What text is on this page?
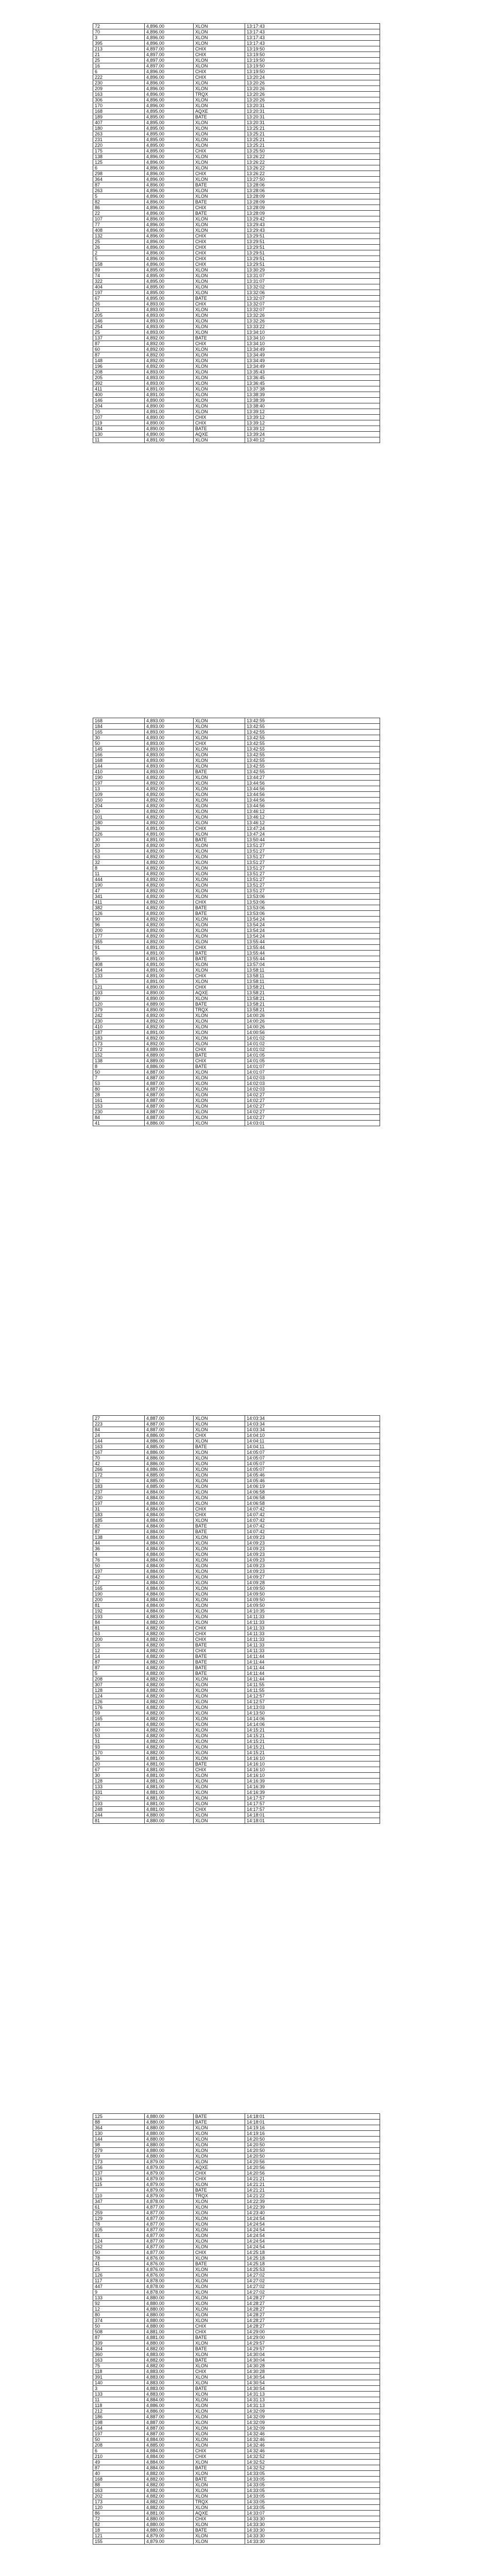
72	4,896.00	XLON	13:17:43
70	4,896.00	XLON	13:17:43
3	4,896.00	XLON	13:17:43
395	4,896.00	XLON	13:17:43
213	4,897.00	CHIX	13:19:50
21	4,897.00	CHIX	13:19:50
25	4,897.00	XLON	13:19:50
16	4,897.00	XLON	13:19:50
6	4,896.00	CHIX	13:19:50
222	4,896.00	CHIX	13:20:24
230	4,896.00	XLON	13:20:26
209	4,896.00	XLON	13:20:26
163	4,896.00	TRQX	13:20:26
306	4,896.00	XLON	13:20:26
170	4,896.00	XLON	13:20:31
168	4,895.00	AQXE	13:20:31
189	4,895.00	BATE	13:20:31
407	4,895.00	XLON	13:20:31
180	4,895.00	XLON	13:25:21
263	4,895.00	XLON	13:25:21
231	4,895.00	XLON	13:25:21
220	4,895.00	XLON	13:25:21
175	4,895.00	CHIX	13:25:50
138	4,896.00	XLON	13:26:22
125	4,896.00	XLON	13:26:22
6	4,896.00	XLON	13:26:22
298	4,896.00	CHIX	13:26:22
364	4,896.00	XLON	13:27:50
87	4,896.00	BATE	13:28:06
263	4,896.00	XLON	13:28:06
5	4,896.00	XLON	13:28:09
82	4,896.00	BATE	13:28:09
86	4,896.00	CHIX	13:28:09
22	4,896.00	BATE	13:28:09
107	4,896.00	XLON	13:29:42
77	4,896.00	XLON	13:29:43
408	4,896.00	XLON	13:29:43
132	4,896.00	CHIX	13:29:51
25	4,896.00	CHIX	13:29:51
26	4,896.00	CHIX	13:29:51
2	4,896.00	CHIX	13:29:51
5	4,896.00	CHIX	13:29:51
158	4,896.00	CHIX	13:29:51
89	4,895.00	XLON	13:30:29
74	4,895.00	XLON	13:31:07
322	4,895.00	XLON	13:31:07
404	4,895.00	XLON	13:32:02
197	4,895.00	XLON	13:32:06
67	4,895.00	BATE	13:32:07
26	4,893.00	CHIX	13:32:07
21	4,893.00	XLON	13:32:07
205	4,893.00	XLON	13:32:26
146	4,893.00	XLON	13:32:26
254	4,893.00	XLON	13:33:22
25	4,893.00	XLON	13:34:10
137	4,892.00	BATE	13:34:10
87	4,892.00	CHIX	13:34:10
60	4,892.00	XLON	13:34:49
87	4,892.00	XLON	13:34:49
148	4,892.00	XLON	13:34:49
196	4,892.00	XLON	13:34:49
208	4,893.00	XLON	13:35:43
205	4,893.00	XLON	13:36:45
392	4,893.00	XLON	13:36:45
411	4,891.00	XLON	13:37:38
400	4,891.00	XLON	13:38:39
146	4,890.00	XLON	13:38:39
204	4,890.00	XLON	13:38:40
70	4,891.00	XLON	13:39:12
107	4,890.00	CHIX	13:39:12
119	4,890.00	CHIX	13:39:12
184	4,890.00	BATE	13:39:12
130	4,890.00	AQXE	13:39:24
11	4,891.00	XLON	13:40:12
168	4,893.00	XLON	13:42:55
184	4,893.00	XLON	13:42:55
165	4,893.00	XLON	13:42:55
30	4,893.00	XLON	13:42:55
50	4,893.00	CHIX	13:42:55
145	4,893.00	XLON	13:42:55
166	4,893.00	XLON	13:42:55
168	4,893.00	XLON	13:42:55
144	4,893.00	XLON	13:42:55
410	4,893.00	BATE	13:42:55
190	4,892.00	XLON	13:44:27
197	4,892.00	XLON	13:44:56
13	4,892.00	XLON	13:44:56
109	4,892.00	XLON	13:44:56
150	4,892.00	XLON	13:44:56
204	4,892.00	XLON	13:44:56
60	4,892.00	XLON	13:46:12
101	4,892.00	XLON	13:46:12
180	4,892.00	XLON	13:46:12
26	4,891.00	CHIX	13:47:24
226	4,891.00	XLON	13:47:24
30	4,891.00	BATE	13:50:44
20	4,892.00	XLON	13:51:27
53	4,892.00	XLON	13:51:27
63	4,892.00	XLON	13:51:27
32	4,892.00	XLON	13:51:27
8	4,892.00	XLON	13:51:27
11	4,892.00	XLON	13:51:27
444	4,892.00	XLON	13:51:27
190	4,892.00	XLON	13:51:27
47	4,892.00	XLON	13:51:27
341	4,892.00	XLON	13:53:06
411	4,892.00	CHIX	13:53:06
382	4,892.00	BATE	13:53:06
126	4,892.00	BATE	13:53:06
90	4,892.00	XLON	13:54:24
96	4,892.00	XLON	13:54:24
200	4,892.00	XLON	13:54:24
177	4,892.00	XLON	13:54:24
355	4,892.00	XLON	13:55:44
91	4,891.00	CHIX	13:55:44
5	4,891.00	BATE	13:55:44
95	4,891.00	BATE	13:55:44
408	4,891.00	XLON	13:57:04
254	4,891.00	XLON	13:58:11
133	4,891.00	CHIX	13:58:11
5	4,891.00	XLON	13:58:11
121	4,890.00	CHIX	13:58:21
193	4,890.00	AQXE	13:58:21
80	4,890.00	XLON	13:58:21
120	4,889.00	BATE	13:58:21
379	4,890.00	TRQX	13:58:21
242	4,892.00	XLON	14:00:26
230	4,892.00	XLON	14:00:26
410	4,892.00	XLON	14:00:26
187	4,891.00	XLON	14:00:56
183	4,892.00	XLON	14:01:02
173	4,892.00	XLON	14:01:02
172	4,889.00	CHIX	14:01:02
152	4,889.00	BATE	14:01:05
138	4,889.00	CHIX	14:01:05
8	4,886.00	BATE	14:01:07
50	4,887.00	XLON	14:01:07
7	4,887.00	XLON	14:02:03
53	4,887.00	XLON	14:02:03
80	4,887.00	XLON	14:02:03
28	4,887.00	XLON	14:02:27
161	4,887.00	XLON	14:02:27
153	4,887.00	XLON	14:02:27
230	4,887.00	XLON	14:02:27
84	4,887.00	XLON	14:02:27
41	4,886.00	XLON	14:03:01
27	4,887.00	XLON	14:03:34
223	4,887.00	XLON	14:03:34
84	4,887.00	XLON	14:03:34
24	4,886.00	CHIX	14:04:10
144	4,886.00	XLON	14:04:11
163	4,885.00	BATE	14:04:11
167	4,886.00	XLON	14:05:07
70	4,886.00	XLON	14:05:07
42	4,886.00	XLON	14:05:07
266	4,886.00	XLON	14:05:07
172	4,885.00	XLON	14:05:46
92	4,885.00	XLON	14:05:46
183	4,885.00	XLON	14:06:19
237	4,884.00	XLON	14:06:58
230	4,884.00	XLON	14:06:58
197	4,884.00	XLON	14:06:58
31	4,884.00	CHIX	14:07:42
183	4,884.00	CHIX	14:07:42
185	4,884.00	XLON	14:07:42
82	4,884.00	BATE	14:07:42
87	4,884.00	BATE	14:07:42
138	4,884.00	XLON	14:09:23
44	4,884.00	XLON	14:09:23
36	4,884.00	XLON	14:09:23
4	4,884.00	XLON	14:09:23
76	4,884.00	XLON	14:09:23
50	4,884.00	XLON	14:09:23
197	4,884.00	XLON	14:09:23
42	4,884.00	XLON	14:09:27
27	4,884.00	XLON	14:09:28
165	4,884.00	XLON	14:09:50
190	4,884.00	XLON	14:09:50
200	4,884.00	XLON	14:09:50
81	4,884.00	XLON	14:09:50
192	4,884.00	XLON	14:10:35
193	4,883.00	XLON	14:11:33
84	4,882.00	XLON	14:11:33
81	4,882.00	CHIX	14:11:33
63	4,882.00	CHIX	14:11:33
200	4,882.00	CHIX	14:11:33
16	4,882.00	BATE	14:11:33
12	4,882.00	CHIX	14:11:33
14	4,882.00	BATE	14:11:44
87	4,882.00	BATE	14:11:44
87	4,882.00	BATE	14:11:44
5	4,882.00	BATE	14:11:44
208	4,882.00	XLON	14:11:44
307	4,882.00	XLON	14:11:55
128	4,882.00	XLON	14:11:55
124	4,882.00	XLON	14:12:57
126	4,882.00	XLON	14:12:57
176	4,882.00	XLON	14:13:03
59	4,882.00	XLON	14:13:50
165	4,882.00	XLON	14:14:06
24	4,882.00	XLON	14:14:06
60	4,882.00	XLON	14:15:21
53	4,882.00	XLON	14:15:21
31	4,882.00	XLON	14:15:21
93	4,882.00	XLON	14:15:21
170	4,882.00	XLON	14:15:21
36	4,881.00	XLON	14:16:10
20	4,881.00	BATE	14:16:10
67	4,881.00	CHIX	14:16:10
30	4,881.00	XLON	14:16:10
128	4,881.00	XLON	14:16:39
133	4,881.00	XLON	14:16:39
331	4,881.00	XLON	14:16:39
92	4,881.00	XLON	14:17:57
193	4,881.00	XLON	14:17:57
248	4,881.00	CHIX	14:17:57
244	4,880.00	XLON	14:18:01
81	4,880.00	XLON	14:18:01
125	4,880.00	BATE	14:18:01
88	4,880.00	BATE	14:18:01
364	4,880.00	XLON	14:19:16
130	4,880.00	XLON	14:19:16
144	4,880.00	XLON	14:20:50
98	4,880.00	XLON	14:20:50
279	4,880.00	XLON	14:20:50
59	4,880.00	XLON	14:20:50
173	4,879.00	XLON	14:20:56
156	4,879.00	AQXE	14:20:56
137	4,879.00	CHIX	14:20:56
116	4,879.00	CHIX	14:21:21
115	4,879.00	XLON	14:21:21
7	4,879.00	BATE	14:21:21
110	4,879.00	TRQX	14:21:22
347	4,878.00	XLON	14:22:39
61	4,877.00	XLON	14:22:39
259	4,877.00	XLON	14:23:40
129	4,877.00	XLON	14:24:54
78	4,877.00	XLON	14:24:54
105	4,877.00	XLON	14:24:54
81	4,877.00	XLON	14:24:54
124	4,877.00	XLON	14:24:54
162	4,877.00	XLON	14:24:54
50	4,877.00	CHIX	14:25:18
78	4,876.00	XLON	14:25:18
41	4,876.00	BATE	14:25:18
25	4,876.00	XLON	14:25:53
126	4,876.00	XLON	14:27:02
117	4,878.00	XLON	14:27:02
447	4,878.00	XLON	14:27:02
9	4,878.00	XLON	14:27:02
133	4,880.00	XLON	14:28:27
92	4,880.00	XLON	14:28:27
12	4,880.00	XLON	14:28:27
80	4,880.00	XLON	14:28:27
374	4,880.00	XLON	14:28:27
50	4,880.00	CHIX	14:28:27
508	4,881.00	CHIX	14:29:00
87	4,881.00	BATE	14:29:00
339	4,880.00	XLON	14:29:57
364	4,882.00	BATE	14:29:57
360	4,883.00	XLON	14:30:04
163	4,882.00	BATE	14:30:04
75	4,882.00	XLON	14:30:28
118	4,883.00	CHIX	14:30:28
391	4,883.00	XLON	14:30:54
140	4,883.00	XLON	14:30:54
3	4,883.00	BATE	14:30:54
133	4,883.00	XLON	14:31:13
11	4,884.00	XLON	14:31:13
118	4,886.00	XLON	14:31:13
212	4,886.00	XLON	14:32:09
186	4,887.00	XLON	14:32:09
198	4,887.00	XLON	14:32:09
164	4,887.00	XLON	14:32:09
197	4,887.00	XLON	14:32:46
50	4,884.00	XLON	14:32:46
208	4,885.00	XLON	14:32:46
6	4,884.00	CHIX	14:32:46
210	4,884.00	CHIX	14:32:52
49	4,884.00	XLON	14:32:52
87	4,884.00	BATE	14:32:52
40	4,882.00	XLON	14:33:05
168	4,882.00	BATE	14:33:05
88	4,882.00	XLON	14:33:05
163	4,882.00	XLON	14:33:05
202	4,882.00	XLON	14:33:05
173	4,882.00	TRQX	14:33:05
120	4,882.00	XLON	14:33:05
86	4,881.00	AQXE	14:33:07
72	4,880.00	CHIX	14:33:30
82	4,880.00	XLON	14:33:30
18	4,880.00	BATE	14:33:30
121	4,879.00	XLON	14:33:30
155	4,879.00	XLON	14:33:30
